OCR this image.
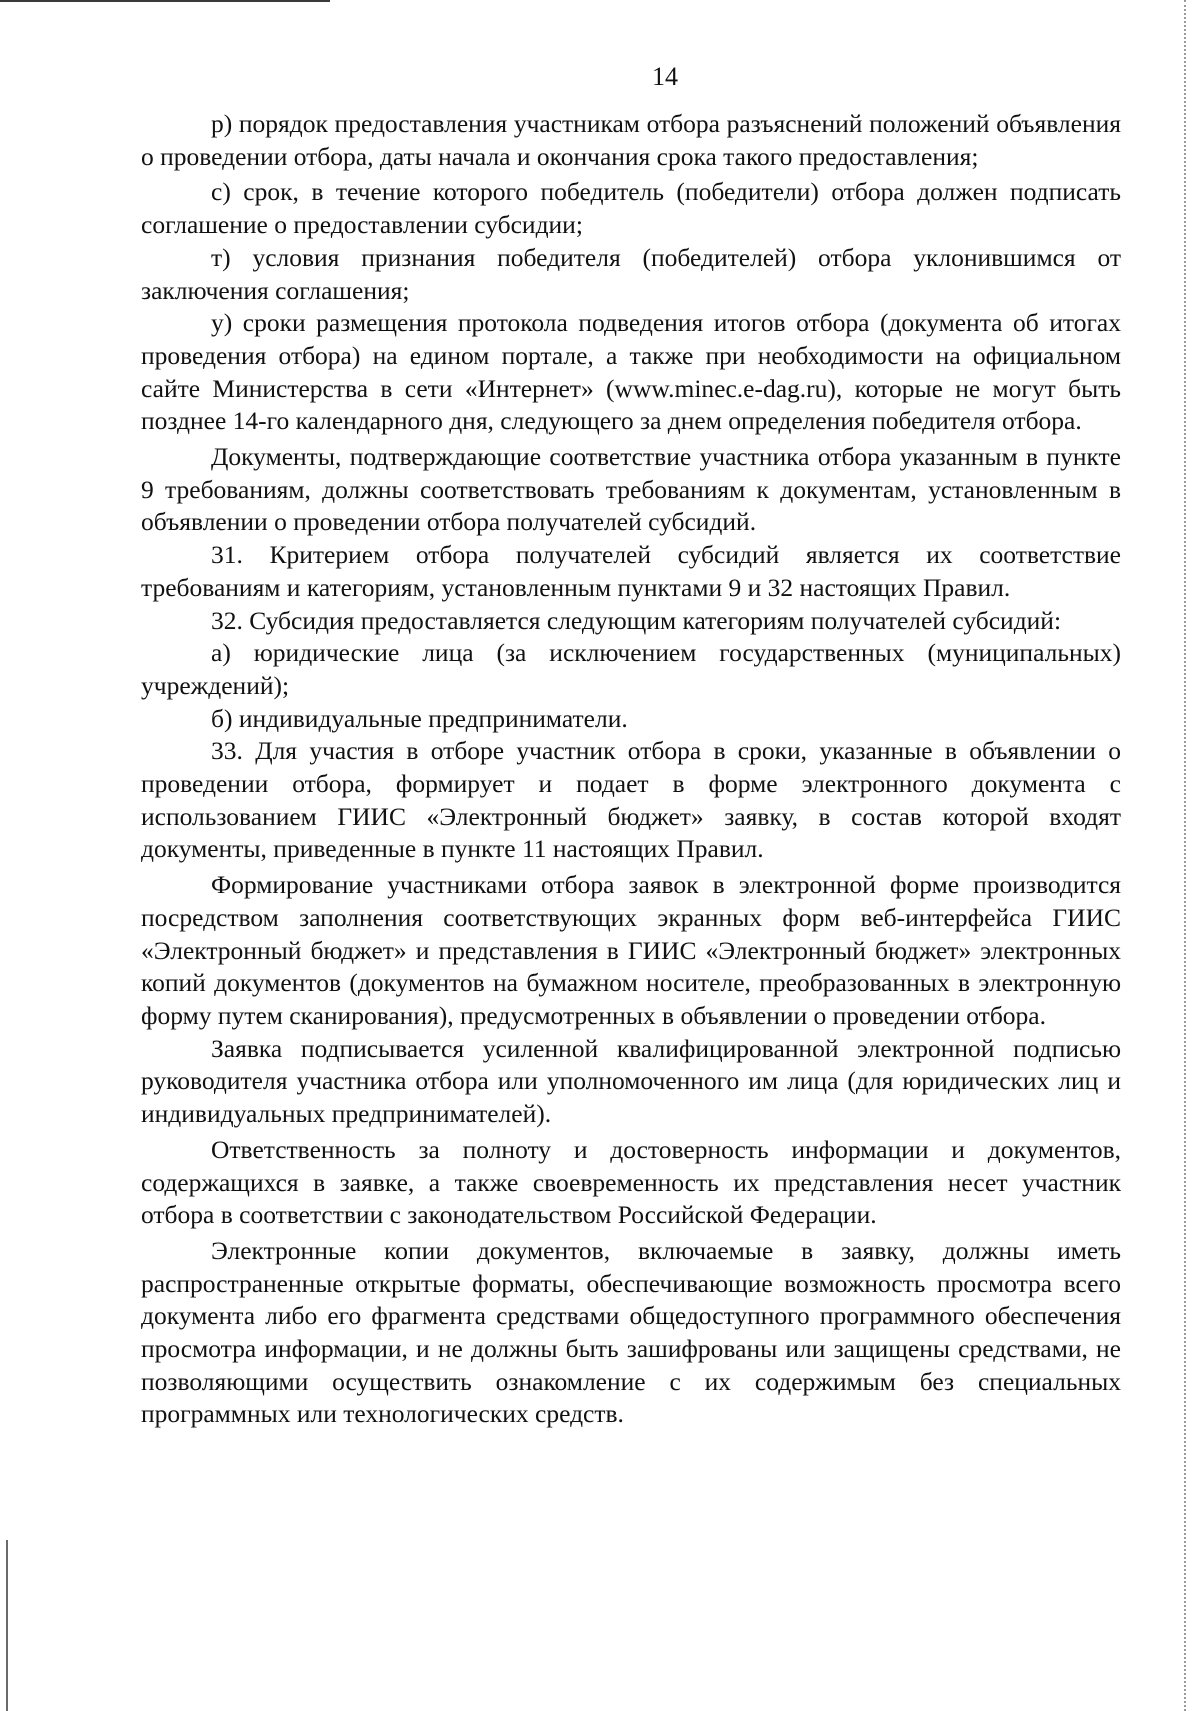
14

р) порядок предоставления участникам отбора разъяснений положений объявления о проведении отбора, даты начала и окончания срока такого предоставления;

с) срок, в течение которого победитель (победители) отбора должен подписать соглашение о предоставлении субсидии;

т) условия признания победителя (победителей) отбора уклонившимся от заключения соглашения;

у) сроки размещения протокола подведения итогов отбора (документа об итогах проведения отбора) на едином портале, а также при необходимости на официальном сайте Министерства в сети «Интернет» (www.minec.e-dag.ru), которые не могут быть позднее 14-го календарного дня, следующего за днем определения победителя отбора.

Документы, подтверждающие соответствие участника отбора указанным в пункте 9 требованиям, должны соответствовать требованиям к документам, установленным в объявлении о проведении отбора получателей субсидий.

31. Критерием отбора получателей субсидий является их соответствие требованиям и категориям, установленным пунктами 9 и 32 настоящих Правил.

32. Субсидия предоставляется следующим категориям получателей субсидий:

а) юридические лица (за исключением государственных (муниципальных) учреждений);

б) индивидуальные предприниматели.

33. Для участия в отборе участник отбора в сроки, указанные в объявлении о проведении отбора, формирует и подает в форме электронного документа с использованием ГИИС «Электронный бюджет» заявку, в состав которой входят документы, приведенные в пункте 11 настоящих Правил.

Формирование участниками отбора заявок в электронной форме производится посредством заполнения соответствующих экранных форм веб-интерфейса ГИИС «Электронный бюджет» и представления в ГИИС «Электронный бюджет» электронных копий документов (документов на бумажном носителе, преобразованных в электронную форму путем сканирования), предусмотренных в объявлении о проведении отбора.

Заявка подписывается усиленной квалифицированной электронной подписью руководителя участника отбора или уполномоченного им лица (для юридических лиц и индивидуальных предпринимателей).

Ответственность за полноту и достоверность информации и документов, содержащихся в заявке, а также своевременность их представления несет участник отбора в соответствии с законодательством Российской Федерации.

Электронные копии документов, включаемые в заявку, должны иметь распространенные открытые форматы, обеспечивающие возможность просмотра всего документа либо его фрагмента средствами общедоступного программного обеспечения просмотра информации, и не должны быть зашифрованы или защищены средствами, не позволяющими осуществить ознакомление с их содержимым без специальных программных или технологических средств.
